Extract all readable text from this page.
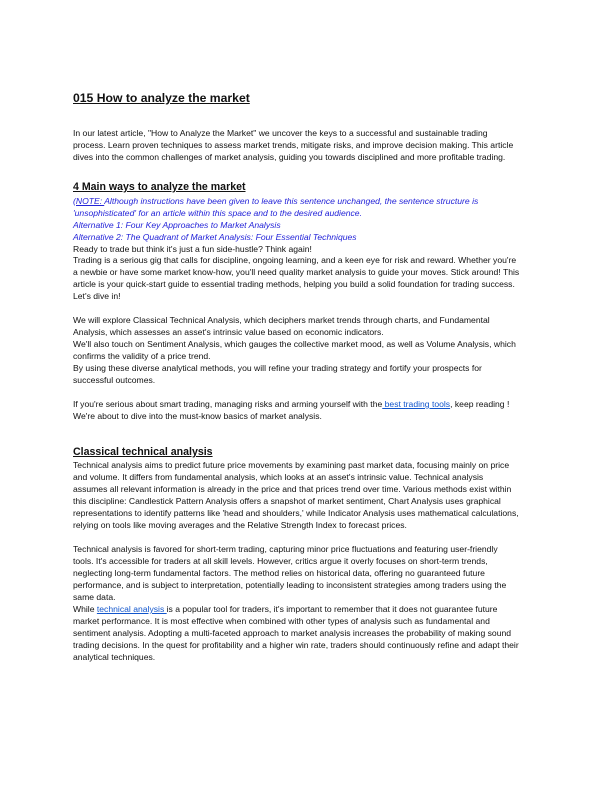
015 How to analyze the market
In our latest article, "How to Analyze the Market" we uncover the keys to a successful and sustainable trading
process. Learn proven techniques to assess market trends, mitigate risks, and improve decision making. This article
dives into the common challenges of market analysis, guiding you towards disciplined and more profitable trading.
4 Main ways to analyze the market
(NOTE: Although instructions have been given to leave this sentence unchanged, the sentence structure is
'unsophisticated' for an article within this space and to the desired audience.
Alternative 1: Four Key Approaches to Market Analysis
Alternative 2: The Quadrant of Market Analysis: Four Essential Techniques
Ready to trade but think it's just a fun side-hustle? Think again!
Trading is a serious gig that calls for discipline, ongoing learning, and a keen eye for risk and reward. Whether you're
a newbie or have some market know-how, you'll need quality market analysis to guide your moves. Stick around! This
article is your quick-start guide to essential trading methods, helping you build a solid foundation for trading success.
Let's dive in!
We will explore Classical Technical Analysis, which deciphers market trends through charts, and Fundamental
Analysis, which assesses an asset's intrinsic value based on economic indicators.
We'll also touch on Sentiment Analysis, which gauges the collective market mood, as well as Volume Analysis, which
confirms the validity of a price trend.
By using these diverse analytical methods, you will refine your trading strategy and fortify your prospects for
successful outcomes.
If you're serious about smart trading, managing risks and arming yourself with the best trading tools, keep reading !
We're about to dive into the must-know basics of market analysis.
Classical technical analysis
Technical analysis aims to predict future price movements by examining past market data, focusing mainly on price
and volume. It differs from fundamental analysis, which looks at an asset's intrinsic value. Technical analysis
assumes all relevant information is already in the price and that prices trend over time. Various methods exist within
this discipline: Candlestick Pattern Analysis offers a snapshot of market sentiment, Chart Analysis uses graphical
representations to identify patterns like 'head and shoulders,' while Indicator Analysis uses mathematical calculations,
relying on tools like moving averages and the Relative Strength Index to forecast prices.
Technical analysis is favored for short-term trading, capturing minor price fluctuations and featuring user-friendly
tools. It's accessible for traders at all skill levels. However, critics argue it overly focuses on short-term trends,
neglecting long-term fundamental factors. The method relies on historical data, offering no guaranteed future
performance, and is subject to interpretation, potentially leading to inconsistent strategies among traders using the
same data.
While technical analysis is a popular tool for traders, it's important to remember that it does not guarantee future
market performance. It is most effective when combined with other types of analysis such as fundamental and
sentiment analysis. Adopting a multi-faceted approach to market analysis increases the probability of making sound
trading decisions. In the quest for profitability and a higher win rate, traders should continuously refine and adapt their
analytical techniques.
